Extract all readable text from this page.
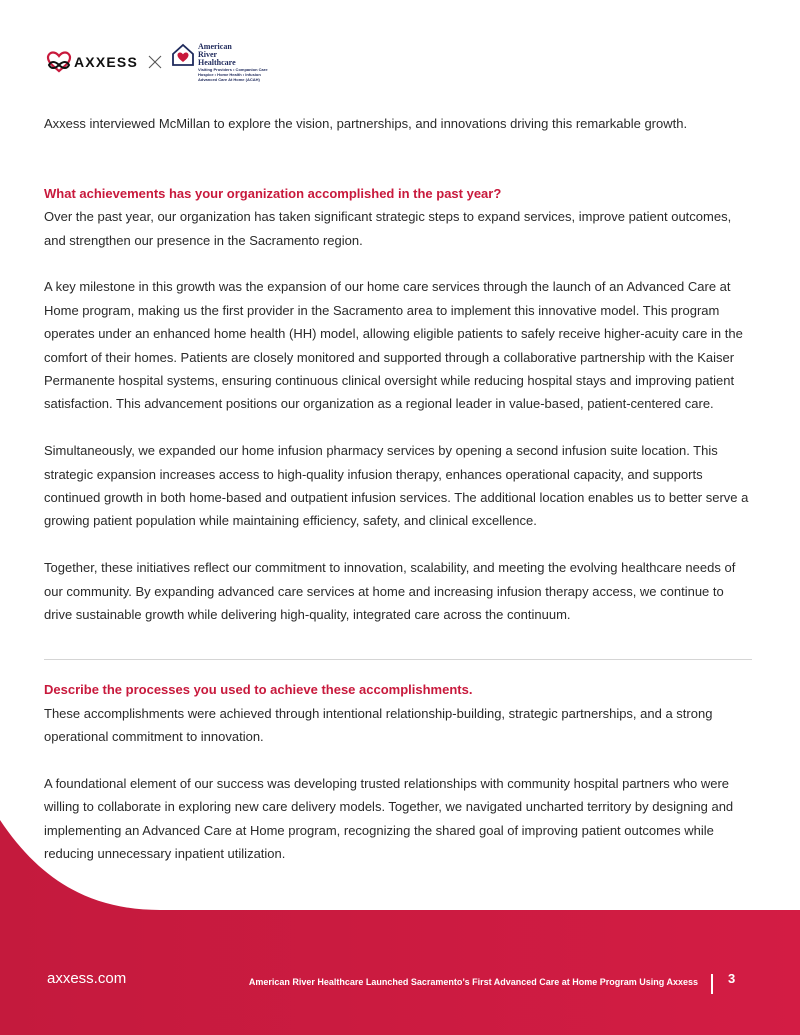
AXXESS
American
River
Healthcare
Visiting Providers • Companion Care
Hospice • Home Health • Infusion
Advanced Care At Home (ACAH)

Axxess interviewed McMillan to explore the vision, partnerships, and innovations driving this remarkable growth.

What achievements has your organization accomplished in the past year?

Over the past year, our organization has taken significant strategic steps to expand services, improve patient outcomes, and strengthen our presence in the Sacramento region.

A key milestone in this growth was the expansion of our home care services through the launch of an Advanced Care at Home program, making us the first provider in the Sacramento area to implement this innovative model. This program operates under an enhanced home health (HH) model, allowing eligible patients to safely receive higher-acuity care in the comfort of their homes. Patients are closely monitored and supported through a collaborative partnership with the Kaiser Permanente hospital systems, ensuring continuous clinical oversight while reducing hospital stays and improving patient satisfaction. This advancement positions our organization as a regional leader in value-based, patient-centered care.

Simultaneously, we expanded our home infusion pharmacy services by opening a second infusion suite location. This strategic expansion increases access to high-quality infusion therapy, enhances operational capacity, and supports continued growth in both home-based and outpatient infusion services. The additional location enables us to better serve a growing patient population while maintaining efficiency, safety, and clinical excellence.

Together, these initiatives reflect our commitment to innovation, scalability, and meeting the evolving healthcare needs of our community. By expanding advanced care services at home and increasing infusion therapy access, we continue to drive sustainable growth while delivering high-quality, integrated care across the continuum.

Describe the processes you used to achieve these accomplishments.

These accomplishments were achieved through intentional relationship-building, strategic partnerships, and a strong operational commitment to innovation.

A foundational element of our success was developing trusted relationships with community hospital partners who were willing to collaborate in exploring new care delivery models. Together, we navigated uncharted territory by designing and implementing an Advanced Care at Home program, recognizing the shared goal of improving patient outcomes while reducing unnecessary inpatient utilization.

axxess.com	American River Healthcare Launched Sacramento’s First Advanced Care at Home Program Using Axxess 3
